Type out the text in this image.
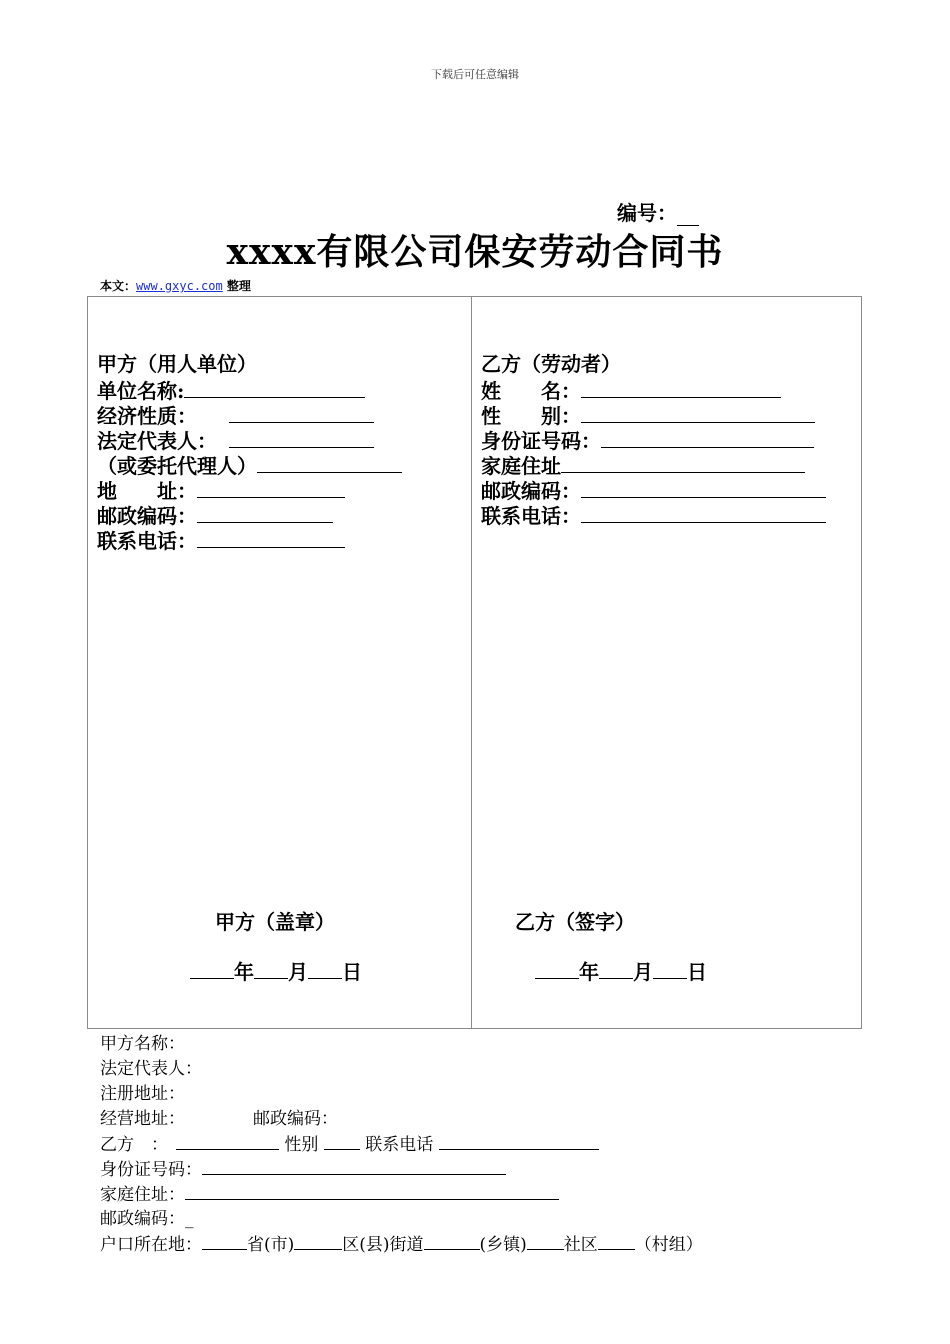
下载后可任意编辑
编号：
xxxx有限公司保安劳动合同书
本文：www.gxyc.com 整理
甲方（用人单位）
单位名称:
经济性质：
法定代表人：
（或委托代理人）
地　　址：
邮政编码：
联系电话：
乙方（劳动者）
姓　　名：
性　　别：
身份证号码：
家庭住址
邮政编码：
联系电话：
甲方（盖章）	乙方（签字）
年 月 日	年 月 日
甲方名称：
法定代表人：
注册地址：
经营地址：	邮政编码：
乙方　：	性别	联系电话
身份证号码：
家庭住址：
邮政编码：_
户口所在地：	省(市)	区(县)街道	(乡镇) 社区 （村组）
